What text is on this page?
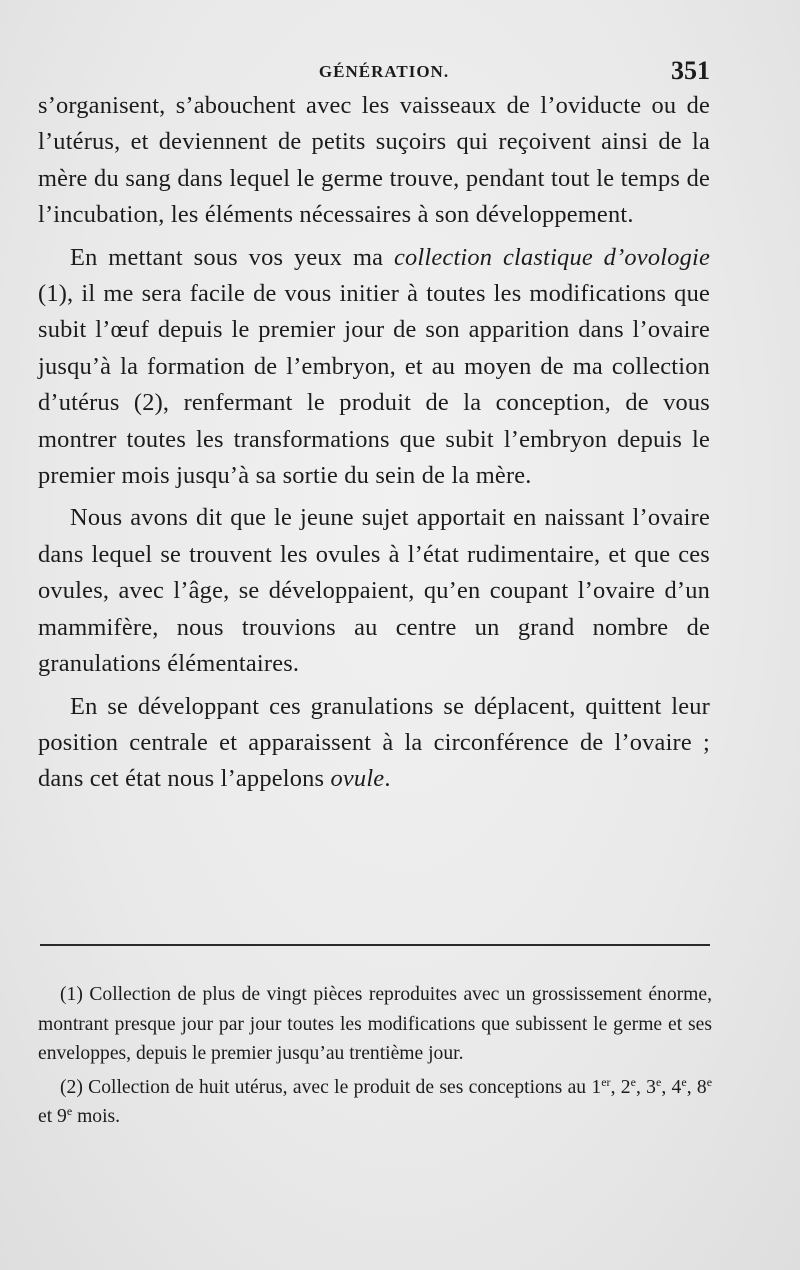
GÉNÉRATION.	351

s’organisent, s’abouchent avec les vaisseaux de l’oviducte ou de l’utérus, et deviennent de petits suçoirs qui reçoivent ainsi de la mère du sang dans lequel le germe trouve, pendant tout le temps de l’incubation, les éléments nécessaires à son développement.

En mettant sous vos yeux ma collection clastique d’ovologie (1), il me sera facile de vous initier à toutes les modifications que subit l’œuf depuis le premier jour de son apparition dans l’ovaire jusqu’à la formation de l’embryon, et au moyen de ma collection d’utérus (2), renfermant le produit de la conception, de vous montrer toutes les transformations que subit l’embryon depuis le premier mois jusqu’à sa sortie du sein de la mère.

Nous avons dit que le jeune sujet apportait en naissant l’ovaire dans lequel se trouvent les ovules à l’état rudimentaire, et que ces ovules, avec l’âge, se développaient, qu’en coupant l’ovaire d’un mammifère, nous trouvions au centre un grand nombre de granulations élémentaires.

En se développant ces granulations se déplacent, quittent leur position centrale et apparaissent à la circonférence de l’ovaire ; dans cet état nous l’appelons ovule.

(1) Collection de plus de vingt pièces reproduites avec un grossissement énorme, montrant presque jour par jour toutes les modifications que subissent le germe et ses enveloppes, depuis le premier jusqu’au trentième jour.

(2) Collection de huit utérus, avec le produit de ses conceptions au 1er, 2e, 3e, 4e, 8e et 9e mois.
